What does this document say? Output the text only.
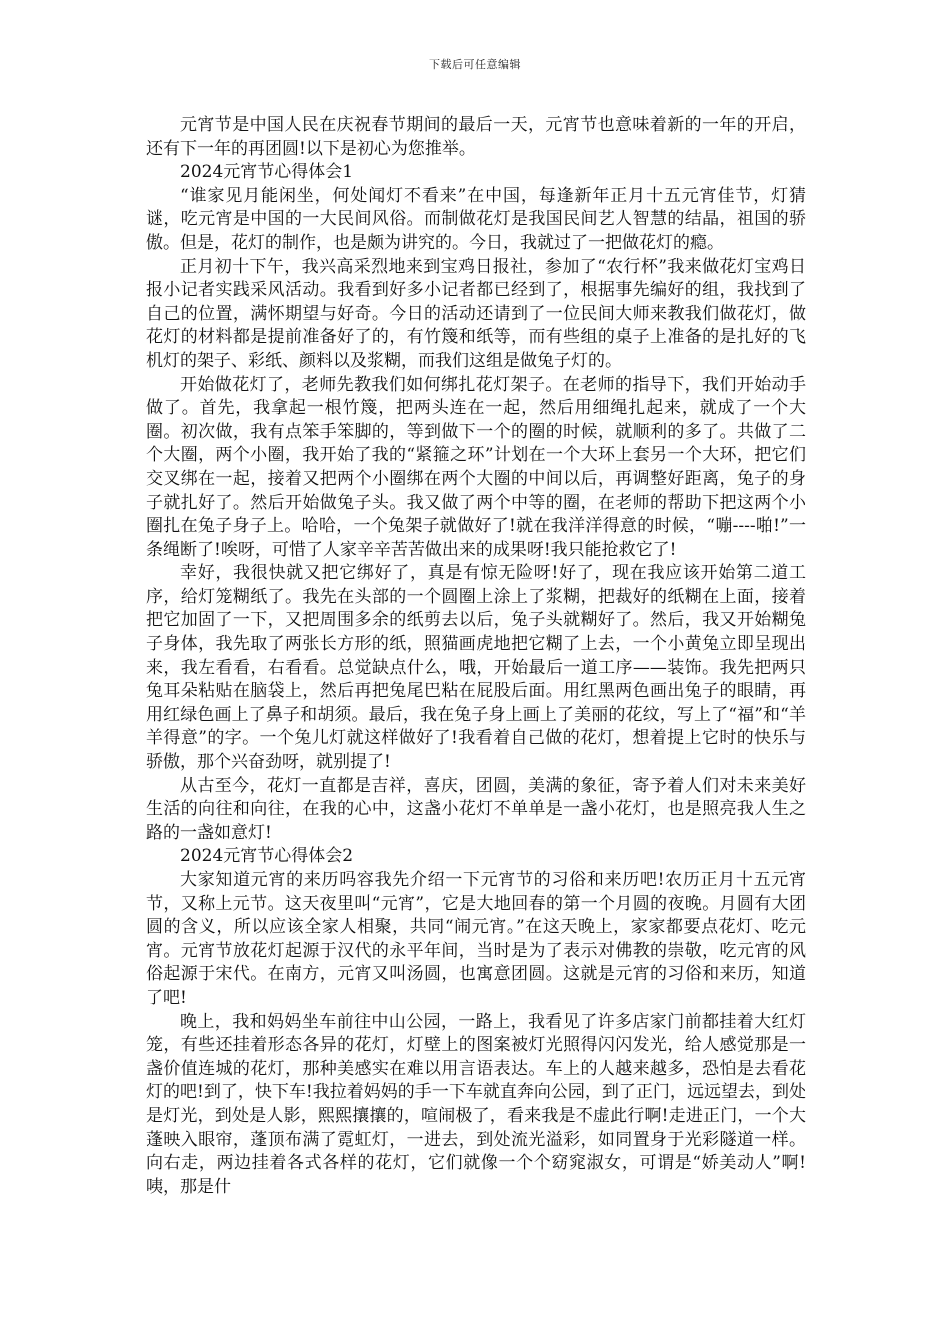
下载后可任意编辑

元宵节是中国人民在庆祝春节期间的最后一天，元宵节也意味着新的一年的开启，还有下一年的再团圆!以下是初心为您推举。

2024元宵节心得体会1

“谁家见月能闲坐，何处闻灯不看来”在中国，每逢新年正月十五元宵佳节，灯猜谜，吃元宵是中国的一大民间风俗。而制做花灯是我国民间艺人智慧的结晶，祖国的骄傲。但是，花灯的制作，也是颇为讲究的。今日，我就过了一把做花灯的瘾。

正月初十下午，我兴高采烈地来到宝鸡日报社，参加了“农行杯”我来做花灯宝鸡日报小记者实践采风活动。我看到好多小记者都已经到了，根据事先编好的组，我找到了自己的位置，满怀期望与好奇。今日的活动还请到了一位民间大师来教我们做花灯，做花灯的材料都是提前准备好了的，有竹篾和纸等，而有些组的桌子上准备的是扎好的飞机灯的架子、彩纸、颜料以及浆糊，而我们这组是做兔子灯的。

开始做花灯了，老师先教我们如何绑扎花灯架子。在老师的指导下，我们开始动手做了。首先，我拿起一根竹篾，把两头连在一起，然后用细绳扎起来，就成了一个大圈。初次做，我有点笨手笨脚的，等到做下一个的圈的时候，就顺利的多了。共做了二个大圈，两个小圈，我开始了我的“紧箍之环”计划在一个大环上套另一个大环，把它们交叉绑在一起，接着又把两个小圈绑在两个大圈的中间以后，再调整好距离，兔子的身子就扎好了。然后开始做兔子头。我又做了两个中等的圈，在老师的帮助下把这两个小圈扎在兔子身子上。哈哈，一个兔架子就做好了!就在我洋洋得意的时候，“嘣----啪!”一条绳断了!唉呀，可惜了人家辛辛苦苦做出来的成果呀!我只能抢救它了!

幸好，我很快就又把它绑好了，真是有惊无险呀!好了，现在我应该开始第二道工序，给灯笼糊纸了。我先在头部的一个圆圈上涂上了浆糊，把裁好的纸糊在上面，接着把它加固了一下，又把周围多余的纸剪去以后，兔子头就糊好了。然后，我又开始糊兔子身体，我先取了两张长方形的纸，照猫画虎地把它糊了上去，一个小黄兔立即呈现出来，我左看看，右看看。总觉缺点什么，哦，开始最后一道工序——装饰。我先把两只兔耳朵粘贴在脑袋上，然后再把兔尾巴粘在屁股后面。用红黑两色画出兔子的眼睛，再用红绿色画上了鼻子和胡须。最后，我在兔子身上画上了美丽的花纹，写上了“福”和“羊羊得意”的字。一个兔儿灯就这样做好了!我看着自己做的花灯，想着提上它时的快乐与骄傲，那个兴奋劲呀，就别提了!

从古至今，花灯一直都是吉祥，喜庆，团圆，美满的象征，寄予着人们对未来美好生活的向往和向往，在我的心中，这盏小花灯不单单是一盏小花灯，也是照亮我人生之路的一盏如意灯!

2024元宵节心得体会2

大家知道元宵的来历吗容我先介绍一下元宵节的习俗和来历吧!农历正月十五元宵节，又称上元节。这天夜里叫“元宵”，它是大地回春的第一个月圆的夜晚。月圆有大团圆的含义，所以应该全家人相聚，共同“闹元宵。”在这天晚上，家家都要点花灯、吃元宵。元宵节放花灯起源于汉代的永平年间，当时是为了表示对佛教的崇敬，吃元宵的风俗起源于宋代。在南方，元宵又叫汤圆，也寓意团圆。这就是元宵的习俗和来历，知道了吧!

晚上，我和妈妈坐车前往中山公园，一路上，我看见了许多店家门前都挂着大红灯笼，有些还挂着形态各异的花灯，灯壁上的图案被灯光照得闪闪发光，给人感觉那是一盏价值连城的花灯，那种美感实在难以用言语表达。车上的人越来越多，恐怕是去看花灯的吧!到了，快下车!我拉着妈妈的手一下车就直奔向公园，到了正门，远远望去，到处是灯光，到处是人影，熙熙攘攘的，喧闹极了，看来我是不虚此行啊!走进正门，一个大蓬映入眼帘，蓬顶布满了霓虹灯，一进去，到处流光溢彩，如同置身于光彩隧道一样。向右走，两边挂着各式各样的花灯，它们就像一个个窈窕淑女，可谓是“娇美动人”啊!咦，那是什
